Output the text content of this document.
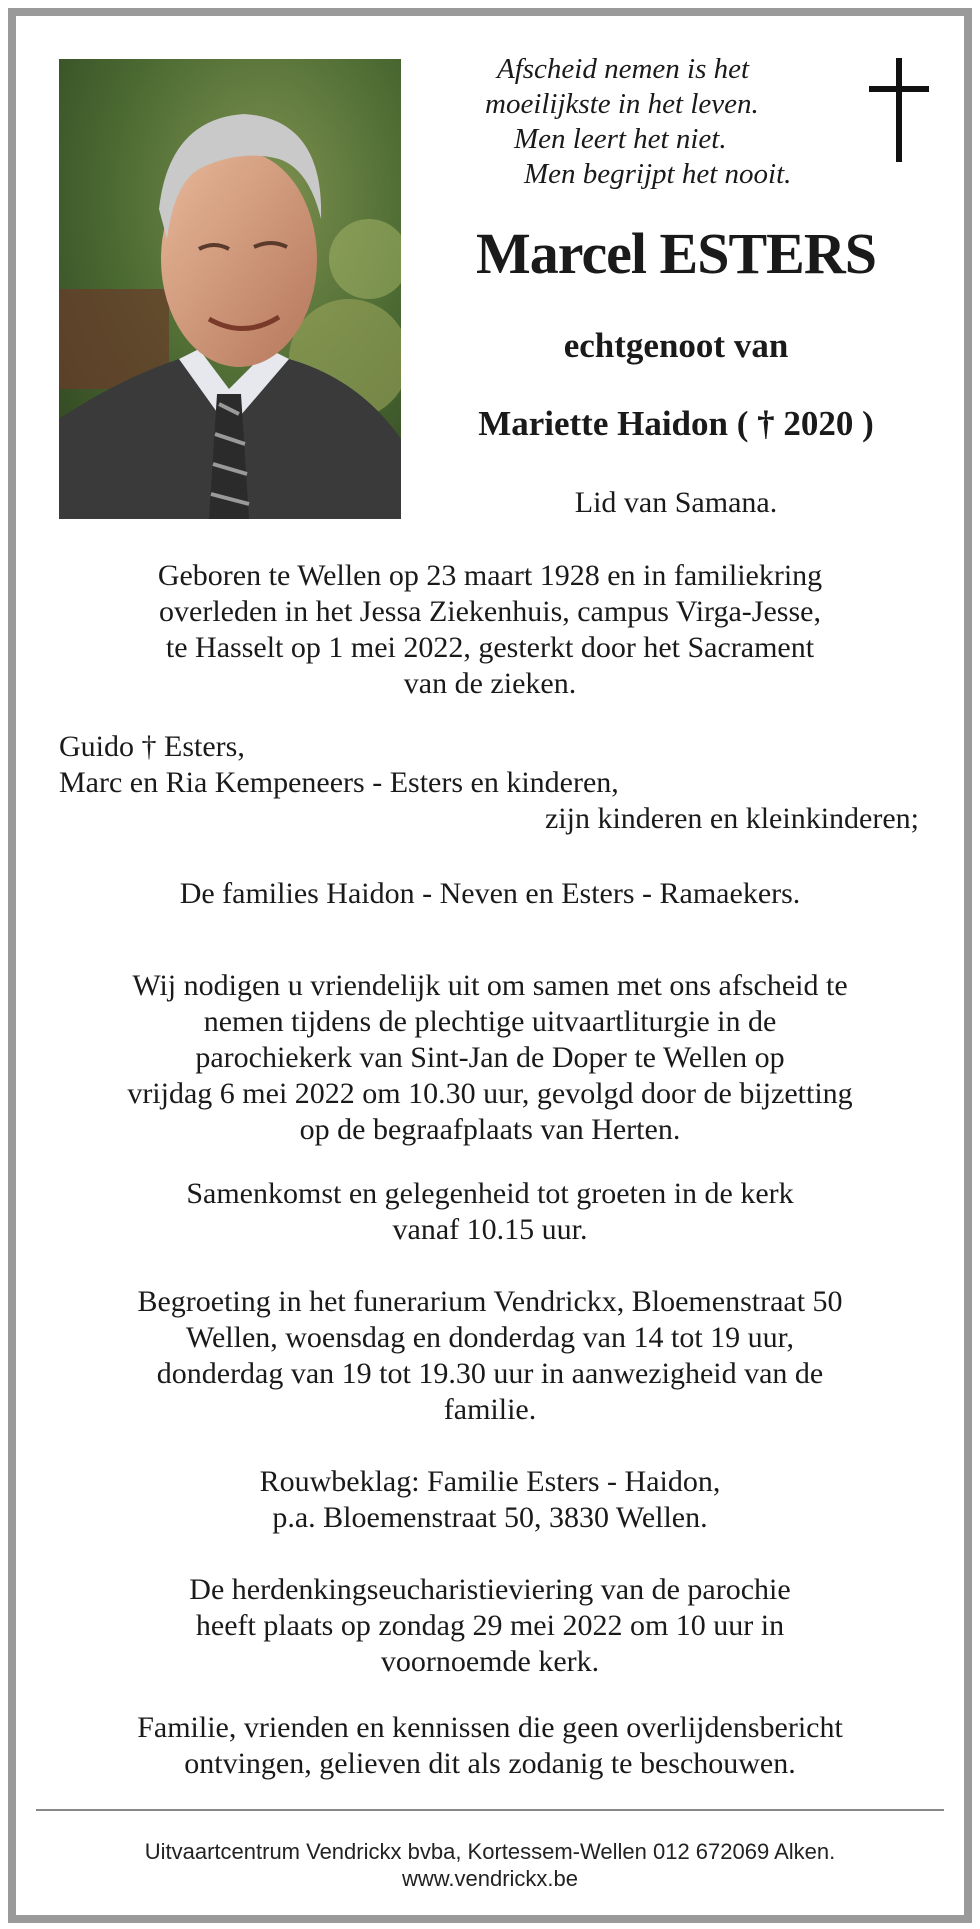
Afscheid nemen is het
moeilijkste in het leven.
Men leert het niet.
Men begrijpt het nooit.
Marcel ESTERS
echtgenoot van
Mariette Haidon ( † 2020 )
Lid van Samana.
Geboren te Wellen op 23 maart 1928 en in familiekring
overleden in het Jessa Ziekenhuis, campus Virga-Jesse,
te Hasselt op 1 mei 2022, gesterkt door het Sacrament
van de zieken.
Guido † Esters,
Marc en Ria Kempeneers - Esters en kinderen,
zijn kinderen en kleinkinderen;
De families Haidon - Neven en Esters - Ramaekers.
Wij nodigen u vriendelijk uit om samen met ons afscheid te
nemen tijdens de plechtige uitvaartliturgie in de
parochiekerk van Sint-Jan de Doper te Wellen op
vrijdag 6 mei 2022 om 10.30 uur, gevolgd door de bijzetting
op de begraafplaats van Herten.
Samenkomst en gelegenheid tot groeten in de kerk
vanaf 10.15 uur.
Begroeting in het funerarium Vendrickx, Bloemenstraat 50
Wellen, woensdag en donderdag van 14 tot 19 uur,
donderdag van 19 tot 19.30 uur in aanwezigheid van de
familie.
Rouwbeklag: Familie Esters - Haidon,
p.a. Bloemenstraat 50, 3830 Wellen.
De herdenkingseucharistieviering van de parochie
heeft plaats op zondag 29 mei 2022 om 10 uur in
voornoemde kerk.
Familie, vrienden en kennissen die geen overlijdensbericht
ontvingen, gelieven dit als zodanig te beschouwen.
Uitvaartcentrum Vendrickx bvba, Kortessem-Wellen 012 672069 Alken.
www.vendrickx.be
